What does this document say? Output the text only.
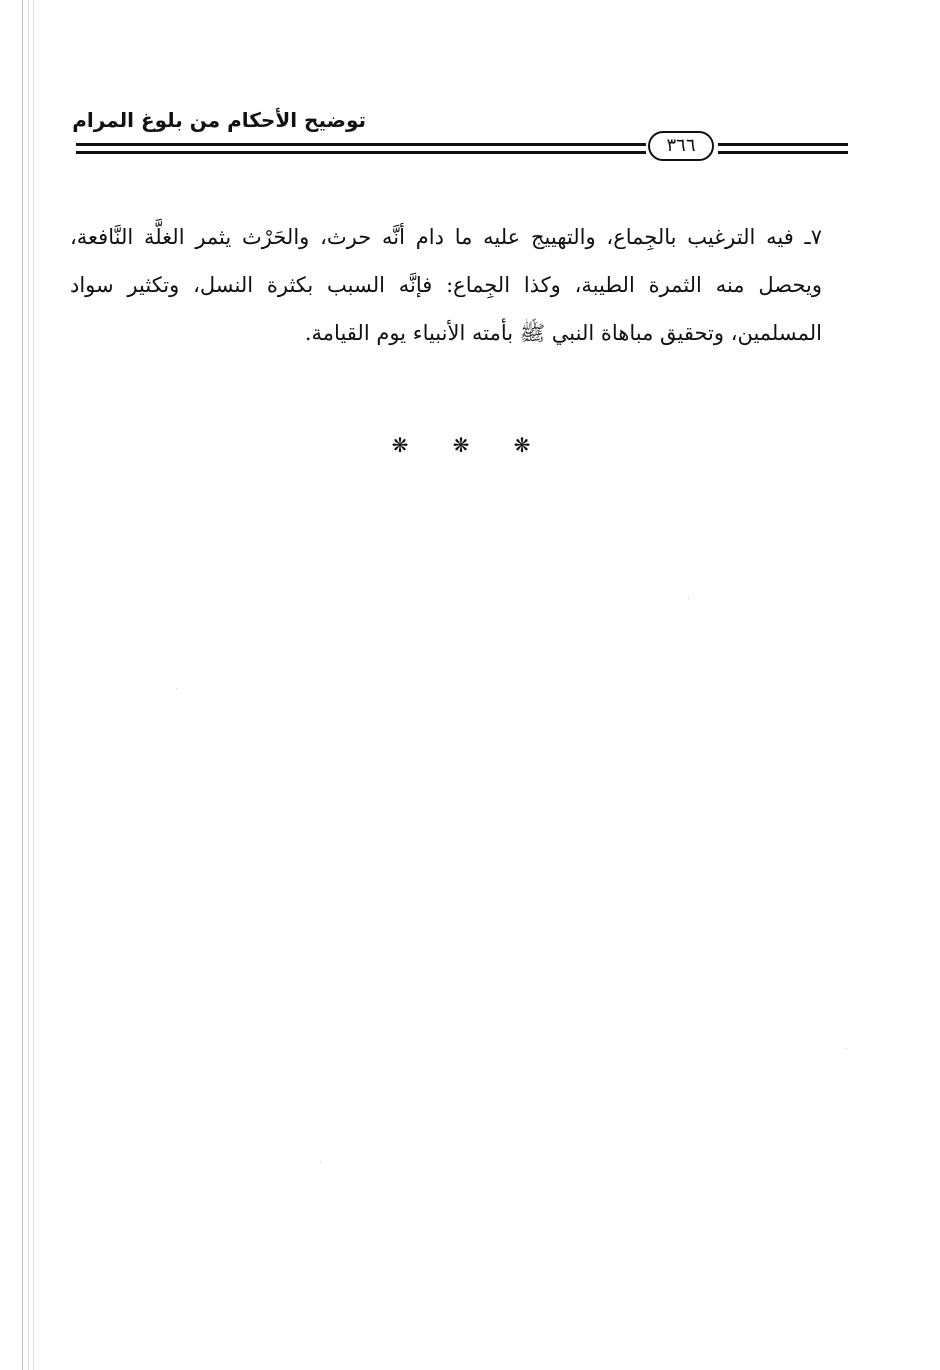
توضيح الأحكام من بلوغ المرام
٣٦٦

٧ـ فيه الترغيب بالجِماع، والتهييج عليه ما دام أنَّه حرث، والحَرْث يثمر الغلَّة النَّافعة، ويحصل منه الثمرة الطيبة، وكذا الجِماع: فإنَّه السبب بكثرة النسل، وتكثير سواد المسلمين، وتحقيق مباهاة النبي ﷺ بأمته الأنبياء يوم القيامة.

❋ ❋ ❋
